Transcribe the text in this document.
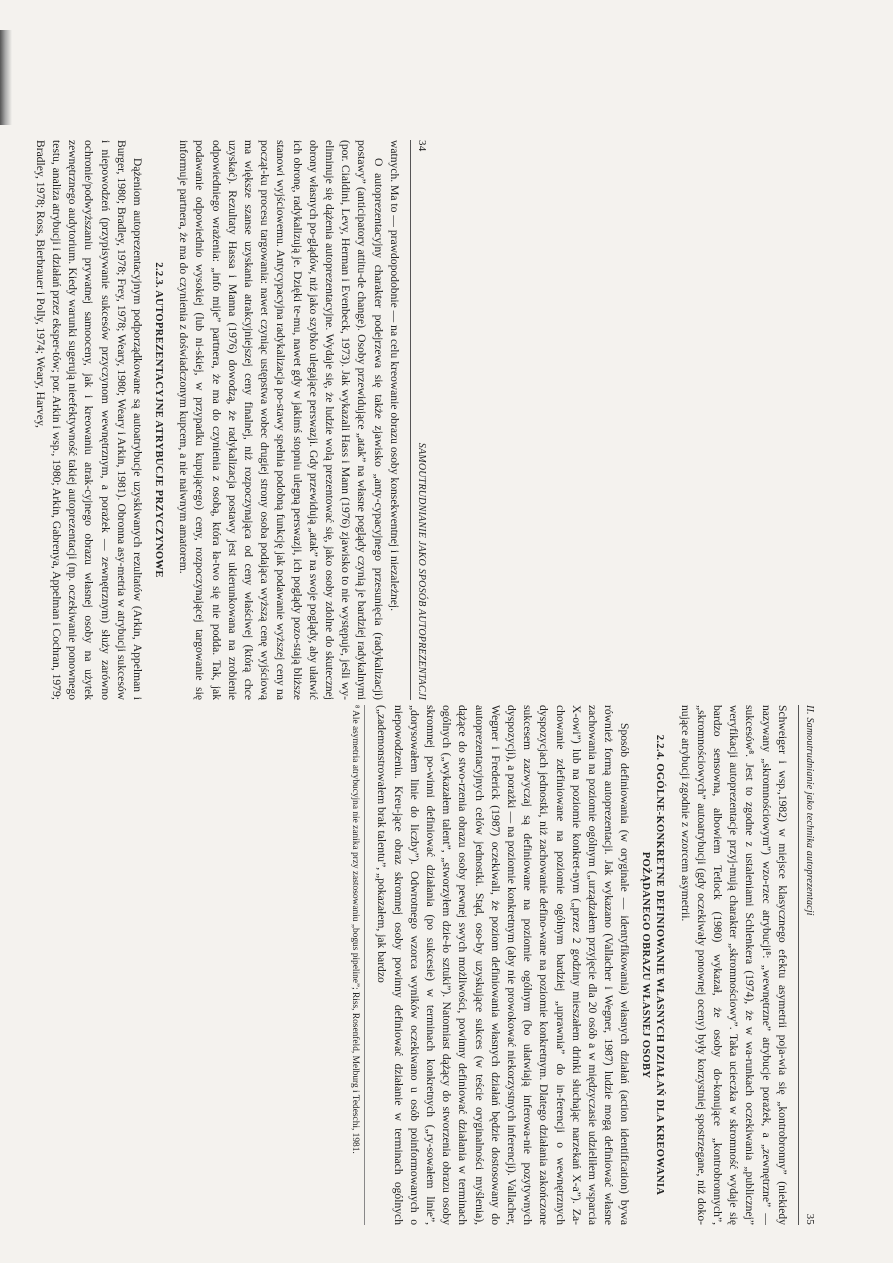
34
SAMOUTRUDNIANIE JAKO SPOSÓB AUTOPREZENTACJI

watnych. Ma to — prawdopodobnie — na celu kreowanie obrazu osoby konsekwentnej i niezależnej.

O autoprezentacyjny charakter podejrzewa się także zjawisko „anty-cypacyjnego przesunięcia (radykalizacji) postawy” (anticipatory attitu-de change). Osoby przewidujące „atak” na własne poglądy czynią je bardziej radykalnymi (por. Cialdini, Levy, Herman i Evenbeck, 1973). Jak wykazali Hass i Mann (1976) zjawisko to nie występuje, jeśli wy-eliminuje się dążenia autoprezentacyjne. Wydaje się, że ludzie wolą prezentować się, jako osoby zdolne do skutecznej obrony własnych po-glądów, niż jako szybko ulegające perswazji. Gdy przewidują „atak” na swoje poglądy, aby ułatwić ich obronę, radykalizują je. Dzięki te-mu, nawet gdy w jakimś stopniu ulegną perswazji, ich poglądy pozo-stają bliższe stanowi wyjściowemu. Antycypacyjna radykalizacja po-stawy spełnia podobną funkcję jak podawanie wyższej ceny na począt-ku procesu targowania: nawet czyniąc ustępstwa wobec drugiej strony osoba podająca wyższą cenę wyjściową ma większe szanse uzyskania atrakcyjniejszej ceny finalnej, niż rozpoczynająca od ceny właściwej (którą chce uzyskać). Rezultaty Hassa i Manna (1976) dowodzą, że radykalizacja postawy jest ukierunkowana na zrobienie odpowiedniego wrażenia: „info mije” partnera, że ma do czynienia z osobą, która ła-two się nie podda. Tak, jak podawanie odpowiednio wysokiej (lub ni-skiej, w przypadku kupującego) ceny, rozpoczynającej targowanie się informuje partnera, że ma do czynienia z doświadczonym kupcem, a nie naiwnym amatorem.

2.2.3. AUTOPREZENTACYJNE ATRYBUCJE PRZYCZYNOWE

Dążeniom autoprezentacyjnym podporządkowane są autoatrybucje uzyskiwanych rezultatów (Arkin, Appelman i Burger, 1980; Bradley, 1978; Frey, 1978; Weary, 1980; Weary i Arkin, 1981). Obronna asy-metria w atrybucji sukcesów i niepowodzeń (przypisywanie sukcesów przyczynom wewnętrznym, a porażek — zewnętrznym) służy zarówno ochronie/podwyższaniu prywatnej samooceny, jak i kreowaniu atrak-cyjnego obrazu własnej osoby na użytek zewnętrznego audytorium. Kiedy warunki sugerują nieefektywność takiej autoprezentacji (np. oczekiwanie ponownego testu, analiza atrybucji i działań przez eksper-tów; por. Arkin i wsp., 1980; Arkin, Gabrenya, Appelman i Cochran, 1979; Bradley, 1978; Ross, Bierbrauer i Polly, 1974; Weary, Harvey,

II. Samoutrudnianie jako technika autoprezentacji
35

Schweiger i wsp.,1982) w miejsce klasycznego efektu asymetrii poja-wia się „kontrobronny” (niekiedy nazywany „skromnościowym”) wzo-rzec atrybucji⁸: „wewnętrzne” atrybucje porażek, a „zewnętrzne” — sukcesów⁸. Jest to zgodne z ustaleniami Schlenkera (1974), że w wa-runkach oczekiwania „publicznej” weryfikacji autoprezentacje przyj-mują charakter „skromnościowy”. Taka ucieczka w skromność wydaje się bardzo sensowna, albowiem Tetlock (1980) wykazał, że osoby do-konujące „kontrobronnych”, „skromnościowych” autoatrybucji (gdy oczekiwały ponownej oceny) były korzystniej spostrzegane, niż doko-nujące atrybucji zgodnie z wzorcem asymetrii.

2.2.4. OGÓLNE-KONKRETNE DEFINIOWANIE WŁASNYCH DZIAŁAŃ DLA KREOWANIA POŻĄDANEGO OBRAZU WŁASNEJ OSOBY

Sposób definiowania (w oryginale — identyfikowania) własnych działań (action identification) bywa również formą autoprezentacji. Jak wykazano (Vallacher i Wegner, 1987) ludzie mogą definiować własne zachowania na poziomie ogólnym („urządzałem przyjęcie dla 20 osób a w międzyczasie udzieliłem wsparcia X-owi”) lub na poziomie konkret-nym („przez 2 godziny mieszałem drinki słuchając narzekań X-a”). Za-chowanie zdefiniowane na poziomie ogólnym bardziej „uprawnia” do in-ferencji o wewnętrznych dyspozycjach jednostki, niż zachowanie defino-wane na poziomie konkretnym. Dlatego działania zakończone sukcesem zazwyczaj są definiowane na poziomie ogólnym (bo ułatwiają inferowa-nie pozytywnych dyspozycji), a porażki — na poziomie konkretnym (aby nie prowokować niekorzystnych inferencji). Vallacher, Wegner i Frederick (1987) oczekiwali, że poziom definiowania własnych działań będzie dostosowany do autoprezentacyjnych celów jednostki. Stąd, oso-by uzyskujące sukces (w teście oryginalności myślenia), dążące do stwo-rzenia obrazu osoby pewnej swych możliwości, powinny definiować działania w terminach ogólnych („wykazałem talent”, „stworzyłem dzie-ło sztuki”). Natomiast dążący do stworzenia obrazu osoby skromnej po-winni definiować działania (po sukcesie) w terminach konkretnych („ry-sowałem linie”, „dorysowałem linie do liczby”). Odwrotnego wzorca wyników oczekiwano u osób poinformowanych o niepowodzeniu. Kreu-jące obraz skromnej osoby powinny definiować działanie w terminach ogólnych („zademonstrowałem brak talentu”, „pokazałem, jak bardzo

⁸ Ale asymetria atrybucyjna nie zanika przy zastosowaniu „bogus pipeline”; Riss, Rosenfeld, Melburg i Tedeschi, 1981.
